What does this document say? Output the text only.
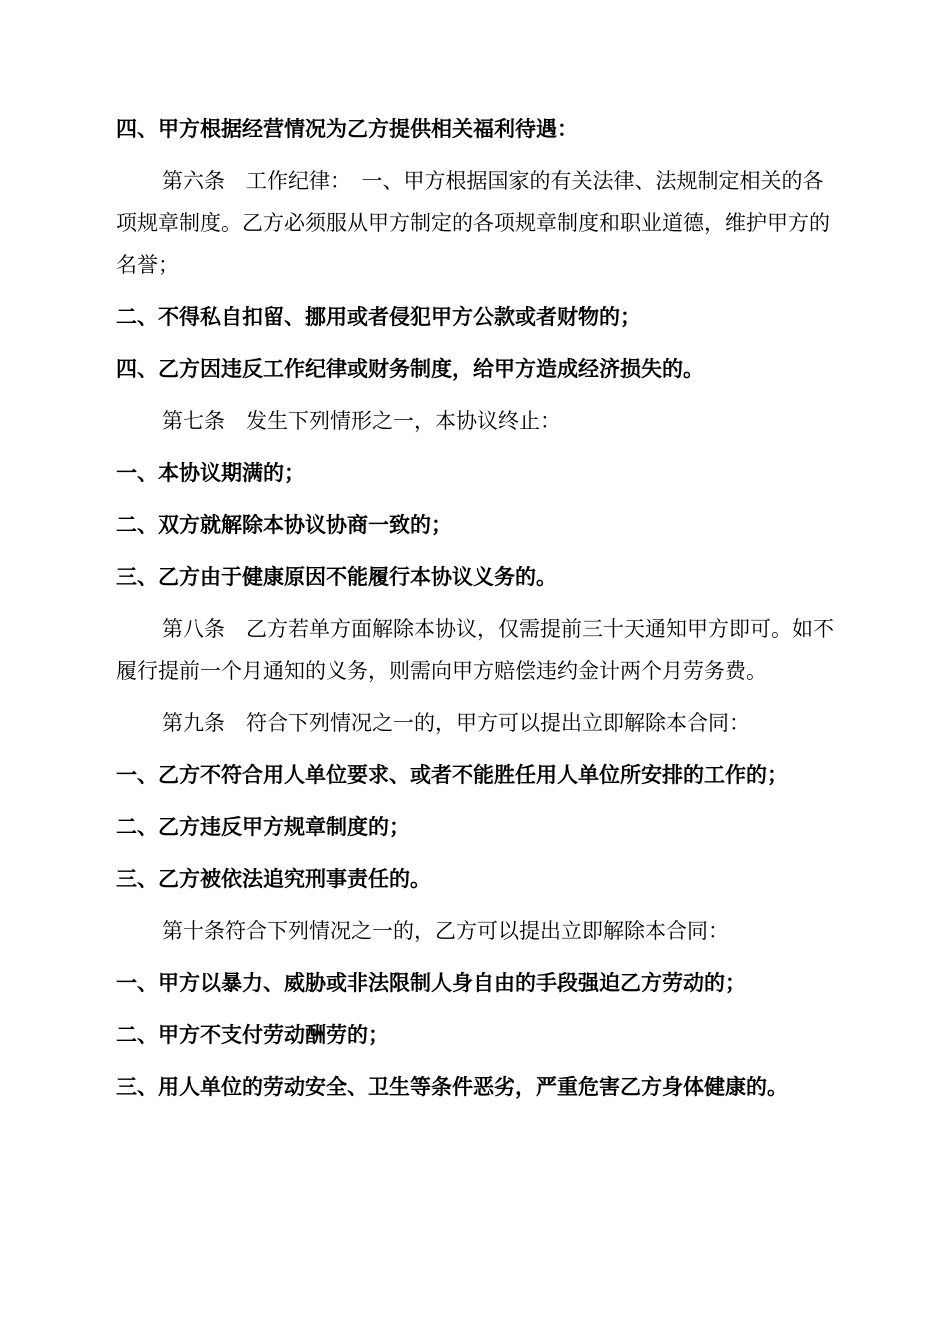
四、甲方根据经营情况为乙方提供相关福利待遇：

第六条　工作纪律：　一、甲方根据国家的有关法律、法规制定相关的各项规章制度。乙方必须服从甲方制定的各项规章制度和职业道德，维护甲方的名誉；

二、不得私自扣留、挪用或者侵犯甲方公款或者财物的；

四、乙方因违反工作纪律或财务制度，给甲方造成经济损失的。

第七条　发生下列情形之一，本协议终止：

一、本协议期满的；

二、双方就解除本协议协商一致的；

三、乙方由于健康原因不能履行本协议义务的。

第八条　乙方若单方面解除本协议，仅需提前三十天通知甲方即可。如不履行提前一个月通知的义务，则需向甲方赔偿违约金计两个月劳务费。

第九条　符合下列情况之一的，甲方可以提出立即解除本合同：

一、乙方不符合用人单位要求、或者不能胜任用人单位所安排的工作的；

二、乙方违反甲方规章制度的；

三、乙方被依法追究刑事责任的。

第十条符合下列情况之一的，乙方可以提出立即解除本合同：

一、甲方以暴力、威胁或非法限制人身自由的手段强迫乙方劳动的；

二、甲方不支付劳动酬劳的；

三、用人单位的劳动安全、卫生等条件恶劣，严重危害乙方身体健康的。
